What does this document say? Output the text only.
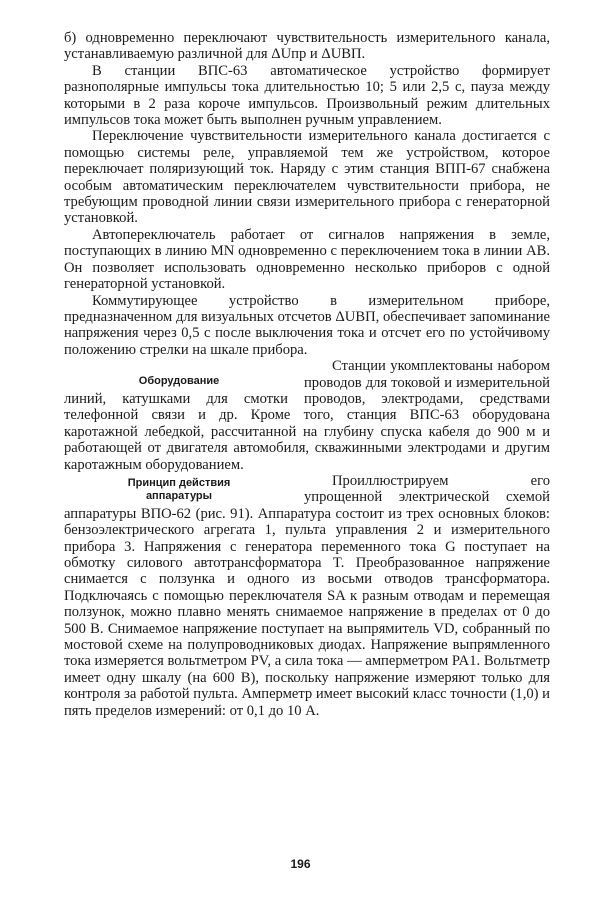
б) одновременно переключают чувствительность измерительного канала, устанавливаемую различной для ΔUпр и ΔUВП.

В станции ВПС-63 автоматическое устройство формирует разнополярные импульсы тока длительностью 10; 5 или 2,5 с, пауза между которыми в 2 раза короче импульсов. Произвольный режим длительных импульсов тока может быть выполнен ручным управлением.

Переключение чувствительности измерительного канала достигается с помощью системы реле, управляемой тем же устройством, которое переключает поляризующий ток. Наряду с этим станция ВПП-67 снабжена особым автоматическим переключателем чувствительности прибора, не требующим проводной линии связи измерительного прибора с генераторной установкой.

Автопереключатель работает от сигналов напряжения в земле, поступающих в линию MN одновременно с переключением тока в линии AB. Он позволяет использовать одновременно несколько приборов с одной генераторной установкой.

Коммутирующее устройство в измерительном приборе, предназначенном для визуальных отсчетов ΔUВП, обеспечивает запоминание напряжения через 0,5 с после выключения тока и отсчет его по устойчивому положению стрелки на шкале прибора.

Оборудование

Станции укомплектованы набором проводов для токовой и измерительной линий, катушками для смотки проводов, электродами, средствами телефонной связи и др. Кроме того, станция ВПС-63 оборудована каротажной лебедкой, рассчитанной на глубину спуска кабеля до 900 м и работающей от двигателя автомобиля, скважинными электродами и другим каротажным оборудованием.

Принцип действия
аппаратуры

Проиллюстрируем его упрощенной электрической схемой аппаратуры ВПО-62 (рис. 91). Аппаратура состоит из трех основных блоков: бензоэлектрического агрегата 1, пульта управления 2 и измерительного прибора 3. Напряжения с генератора переменного тока G поступает на обмотку силового автотрансформатора T. Преобразованное напряжение снимается с ползунка и одного из восьми отводов трансформатора. Подключаясь с помощью переключателя SA к разным отводам и перемещая ползунок, можно плавно менять снимаемое напряжение в пределах от 0 до 500 В. Снимаемое напряжение поступает на выпрямитель VD, собранный по мостовой схеме на полупроводниковых диодах. Напряжение выпрямленного тока измеряется вольтметром PV, а сила тока — амперметром PA1. Вольтметр имеет одну шкалу (на 600 В), поскольку напряжение измеряют только для контроля за работой пульта. Амперметр имеет высокий класс точности (1,0) и пять пределов измерений: от 0,1 до 10 А.

196
